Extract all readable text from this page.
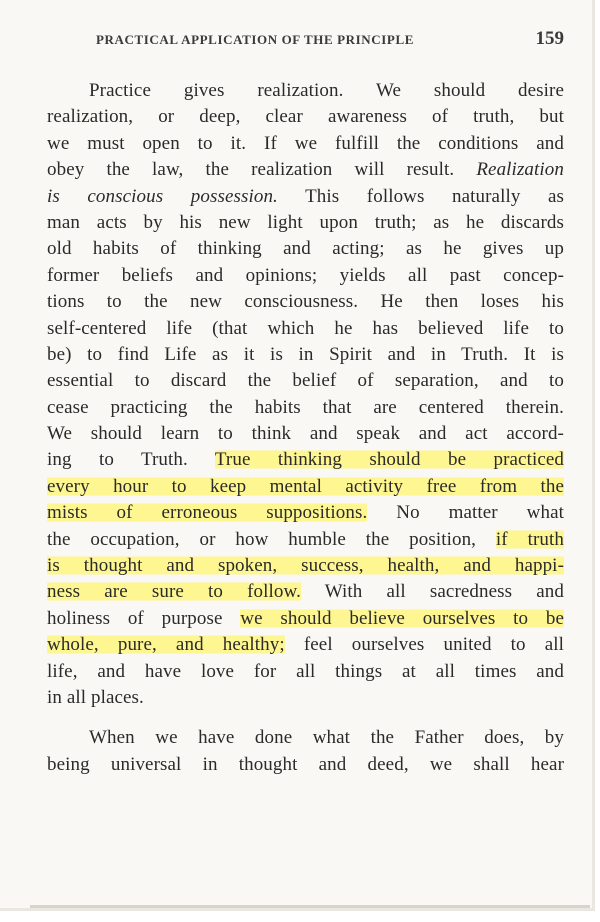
PRACTICAL APPLICATION OF THE PRINCIPLE	159
Practice gives realization. We should desire
realization, or deep, clear awareness of truth, but
we must open to it. If we fulfill the conditions and
obey the law, the realization will result. Realization
is conscious possession. This follows naturally as
man acts by his new light upon truth; as he discards
old habits of thinking and acting; as he gives up
former beliefs and opinions; yields all past concep-
tions to the new consciousness. He then loses his
self-centered life (that which he has believed life to
be) to find Life as it is in Spirit and in Truth. It is
essential to discard the belief of separation, and to
cease practicing the habits that are centered therein.
We should learn to think and speak and act accord-
ing to Truth. True thinking should be practiced
every hour to keep mental activity free from the
mists of erroneous suppositions. No matter what
the occupation, or how humble the position, if truth
is thought and spoken, success, health, and happi-
ness are sure to follow. With all sacredness and
holiness of purpose we should believe ourselves to be
whole, pure, and healthy; feel ourselves united to all
life, and have love for all things at all times and
in all places.
When we have done what the Father does, by
being universal in thought and deed, we shall hear
